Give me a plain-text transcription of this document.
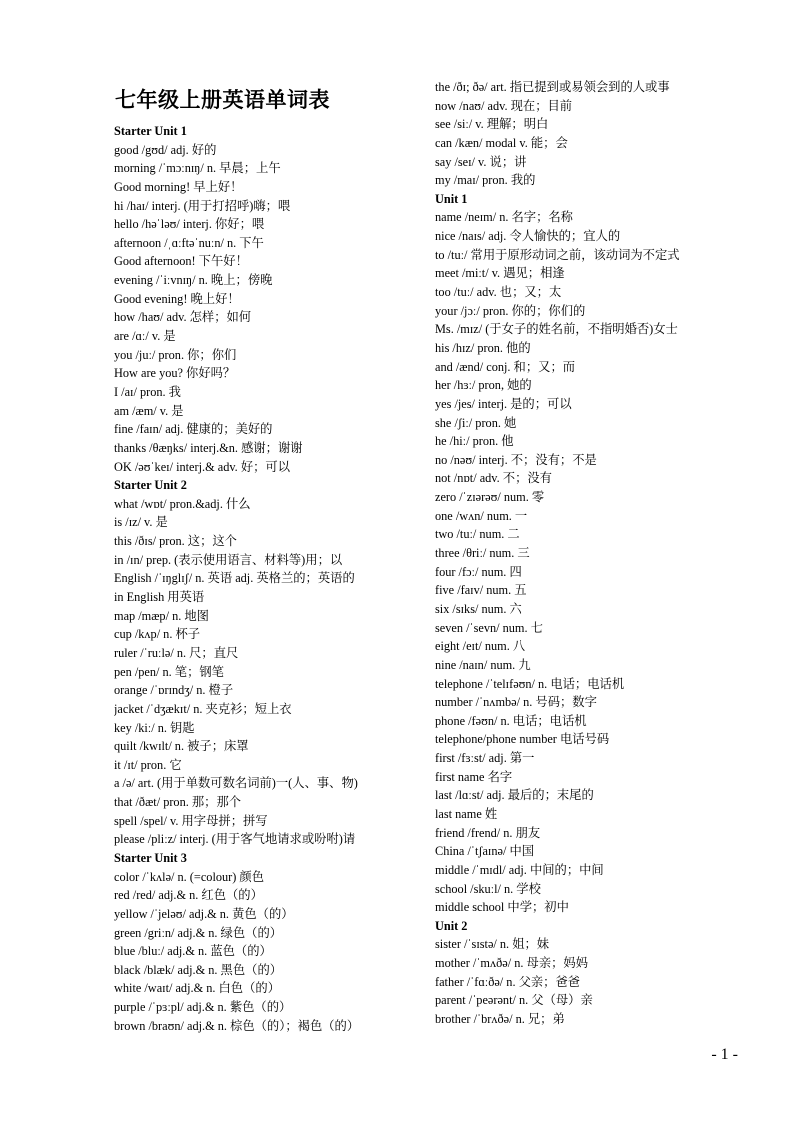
七年级上册英语单词表
Starter Unit 1
good /gʊd/ adj. 好的
morning /ˈmɔːnɪŋ/ n. 早晨；上午
Good morning! 早上好！
hi /haɪ/ interj. (用于打招呼)嗨；喂
hello /həˈləʊ/ interj. 你好；喂
afternoon /ˌɑːftəˈnuːn/ n. 下午
Good afternoon! 下午好！
evening /ˈiːvnɪŋ/ n. 晚上；傍晚
Good evening! 晚上好！
how /haʊ/ adv. 怎样；如何
are /ɑː/ v. 是
you /juː/ pron. 你；你们
How are you? 你好吗？
I /aɪ/ pron. 我
am /æm/ v. 是
fine /faɪn/ adj. 健康的；美好的
thanks /θæŋks/ interj.&n. 感谢；谢谢
OK /əʊˈkeɪ/ interj.& adv. 好；可以
Starter Unit 2
what /wɒt/ pron.&adj. 什么
is /ɪz/ v. 是
this /ðɪs/ pron. 这；这个
in /ɪn/ prep. (表示使用语言、材料等)用；以
English /ˈɪŋglɪʃ/ n. 英语 adj. 英格兰的；英语的
in English 用英语
map /mæp/ n. 地图
cup /kʌp/ n. 杯子
ruler /ˈruːlə/ n. 尺；直尺
pen /pen/ n. 笔；钢笔
orange /ˈɒrɪndʒ/ n. 橙子
jacket /ˈdʒækɪt/ n. 夹克衫；短上衣
key /kiː/ n. 钥匙
quilt /kwɪlt/ n. 被子；床罩
it /ɪt/ pron. 它
a /ə/ art. (用于单数可数名词前)一(人、事、物)
that /ðæt/ pron. 那；那个
spell /spel/ v. 用字母拼；拼写
please /pliːz/ interj. (用于客气地请求或吩咐)请
Starter Unit 3
color /ˈkʌlə/ n. (=colour) 颜色
red /red/ adj.& n. 红色（的）
yellow /ˈjeləʊ/ adj.& n. 黄色（的）
green /griːn/ adj.& n. 绿色（的）
blue /bluː/ adj.& n. 蓝色（的）
black /blæk/ adj.& n. 黑色（的）
white /waɪt/ adj.& n. 白色（的）
purple /ˈpɜːpl/ adj.& n. 紫色（的）
brown /braʊn/ adj.& n. 棕色（的）；褐色（的）
the /ðɪ; ðə/ art. 指已提到或易领会到的人或事
now /naʊ/ adv. 现在；目前
see /siː/ v. 理解；明白
can /kæn/ modal v. 能；会
say /seɪ/ v. 说；讲
my /maɪ/ pron. 我的
Unit 1
name /neɪm/ n. 名字；名称
nice /naɪs/ adj. 令人愉快的；宜人的
to /tuː/ 常用于原形动词之前，该动词为不定式
meet /miːt/ v. 遇见；相逢
too /tuː/ adv. 也；又；太
your /jɔː/ pron. 你的；你们的
Ms. /mɪz/ (于女子的姓名前，不指明婚否)女士
his /hɪz/ pron. 他的
and /ænd/ conj. 和；又；而
her /hɜː/ pron, 她的
yes /jes/ interj. 是的；可以
she /ʃiː/ pron. 她
he /hiː/ pron. 他
no /nəʊ/ interj. 不；没有；不是
not /nɒt/ adv. 不；没有
zero /ˈzɪərəʊ/ num. 零
one /wʌn/ num. 一
two /tuː/ num. 二
three /θriː/ num. 三
four /fɔː/ num. 四
five /faɪv/ num. 五
six /sɪks/ num. 六
seven /ˈsevn/ num. 七
eight /eɪt/ num. 八
nine /naɪn/ num. 九
telephone /ˈtelɪfəʊn/ n. 电话；电话机
number /ˈnʌmbə/ n. 号码；数字
phone /fəʊn/ n. 电话；电话机
telephone/phone number 电话号码
first /fɜːst/ adj. 第一
first name 名字
last /lɑːst/ adj. 最后的；末尾的
last name 姓
friend /frend/ n. 朋友
China /ˈtʃaɪnə/ 中国
middle /ˈmɪdl/ adj. 中间的；中间
school /skuːl/ n. 学校
middle school 中学；初中
Unit 2
sister /ˈsɪstə/ n. 姐；妹
mother /ˈmʌðə/ n. 母亲；妈妈
father /ˈfɑːðə/ n. 父亲；爸爸
parent /ˈpeərənt/ n. 父（母）亲
brother /ˈbrʌðə/ n. 兄；弟
- 1 -
